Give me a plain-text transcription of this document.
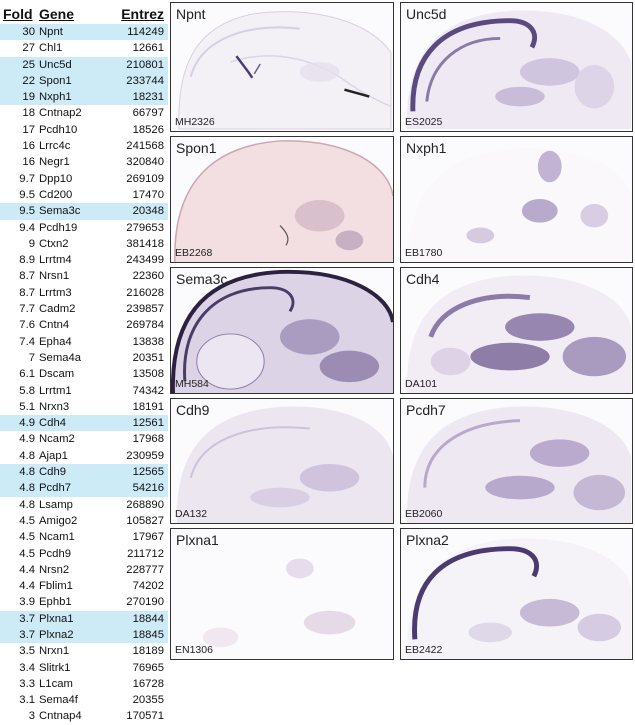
Fold Gene	Entrez
30 Npnt	114249
27 Chl1	12661
25 Unc5d	210801
22 Spon1	233744
19 Nxph1	18231
18 Cntnap2	66797
17 Pcdh10	18526
16 Lrrc4c	241568
16 Negr1	320840
9.7 Dpp10	269109
9.5 Cd200	17470
9.5 Sema3c	20348
9.4 Pcdh19	279653
9 Ctxn2	381418
8.9 Lrrtm4	243499
8.7 Nrsn1	22360
8.7 Lrrtm3	216028
7.7 Cadm2	239857
7.6 Cntn4	269784
7.4 Epha4	13838
7 Sema4a	20351
6.1 Dscam	13508
5.8 Lrrtm1	74342
5.1 Nrxn3	18191
4.9 Cdh4	12561
4.9 Ncam2	17968
4.8 Ajap1	230959
4.8 Cdh9	12565
4.8 Pcdh7	54216
4.8 Lsamp	268890
4.5 Amigo2	105827
4.5 Ncam1	17967
4.5 Pcdh9	211712
4.4 Nrsn2	228777
4.4 Fblim1	74202
3.9 Ephb1	270190
3.7 Plxna1	18844
3.7 Plxna2	18845
3.5 Nrxn1	18189
3.4 Slitrk1	76965
3.3 L1cam	16728
3.1 Sema4f	20355
3 Cntnap4	170571
Npnt
MH2326
Unc5d
ES2025
Spon1
EB2268
Nxph1
EB1780
Sema3c
MH584
Cdh4
DA101
Cdh9
DA132
Pcdh7
EB2060
Plxna1
EN1306
Plxna2
EB2422
